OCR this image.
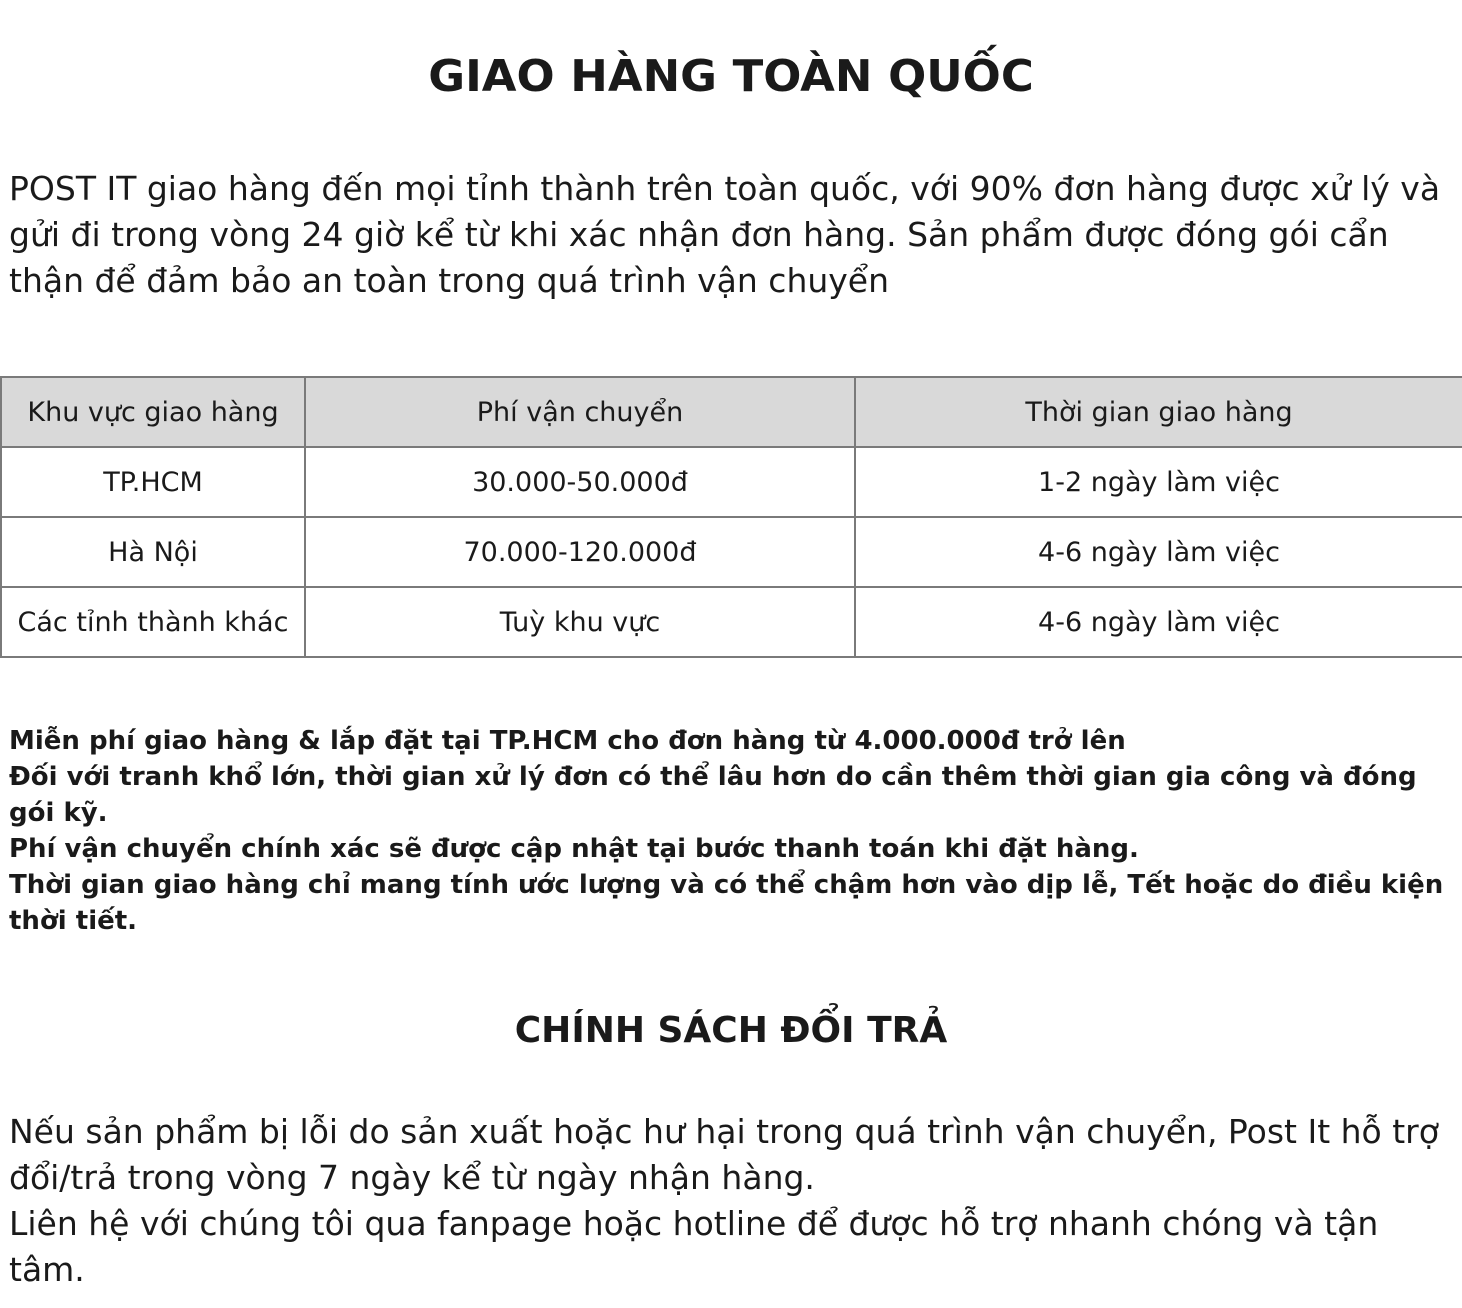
GIAO HÀNG TOÀN QUỐC

POST IT giao hàng đến mọi tỉnh thành trên toàn quốc, với 90% đơn hàng được xử lý và gửi đi trong vòng 24 giờ kể từ khi xác nhận đơn hàng. Sản phẩm được đóng gói cẩn thận để đảm bảo an toàn trong quá trình vận chuyển

Khu vực giao hàng	Phí vận chuyển	Thời gian giao hàng
TP.HCM	30.000-50.000đ	1-2 ngày làm việc
Hà Nội	70.000-120.000đ	4-6 ngày làm việc
Các tỉnh thành khác	Tuỳ khu vực	4-6 ngày làm việc
Miễn phí giao hàng & lắp đặt tại TP.HCM cho đơn hàng từ 4.000.000đ trở lên
Đối với tranh khổ lớn, thời gian xử lý đơn có thể lâu hơn do cần thêm thời gian gia công và đóng gói kỹ.
Phí vận chuyển chính xác sẽ được cập nhật tại bước thanh toán khi đặt hàng.
Thời gian giao hàng chỉ mang tính ước lượng và có thể chậm hơn vào dịp lễ, Tết hoặc do điều kiện thời tiết.
CHÍNH SÁCH ĐỔI TRẢ

Nếu sản phẩm bị lỗi do sản xuất hoặc hư hại trong quá trình vận chuyển, Post It hỗ trợ đổi/trả trong vòng 7 ngày kể từ ngày nhận hàng.
Liên hệ với chúng tôi qua fanpage hoặc hotline để được hỗ trợ nhanh chóng và tận tâm.
